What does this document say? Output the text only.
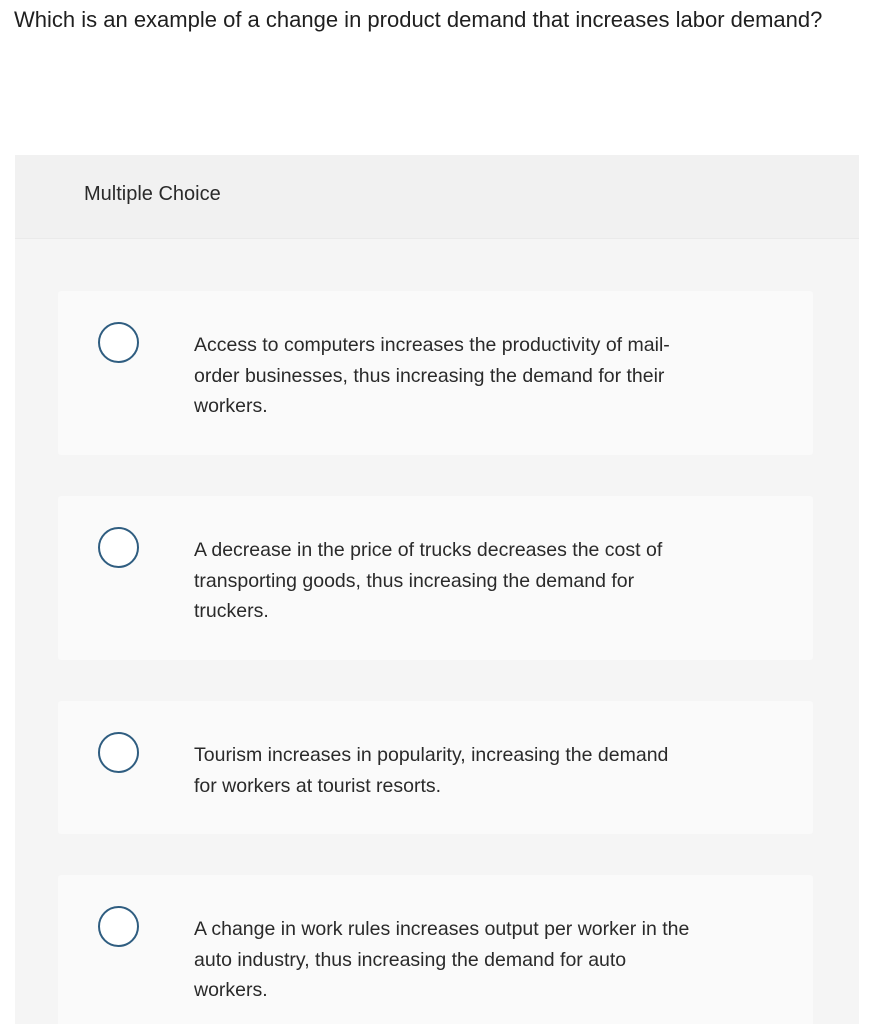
Which is an example of a change in product demand that increases labor demand?
Multiple Choice
Access to computers increases the productivity of mail-order businesses, thus increasing the demand for their workers.
A decrease in the price of trucks decreases the cost of transporting goods, thus increasing the demand for truckers.
Tourism increases in popularity, increasing the demand for workers at tourist resorts.
A change in work rules increases output per worker in the auto industry, thus increasing the demand for auto workers.
